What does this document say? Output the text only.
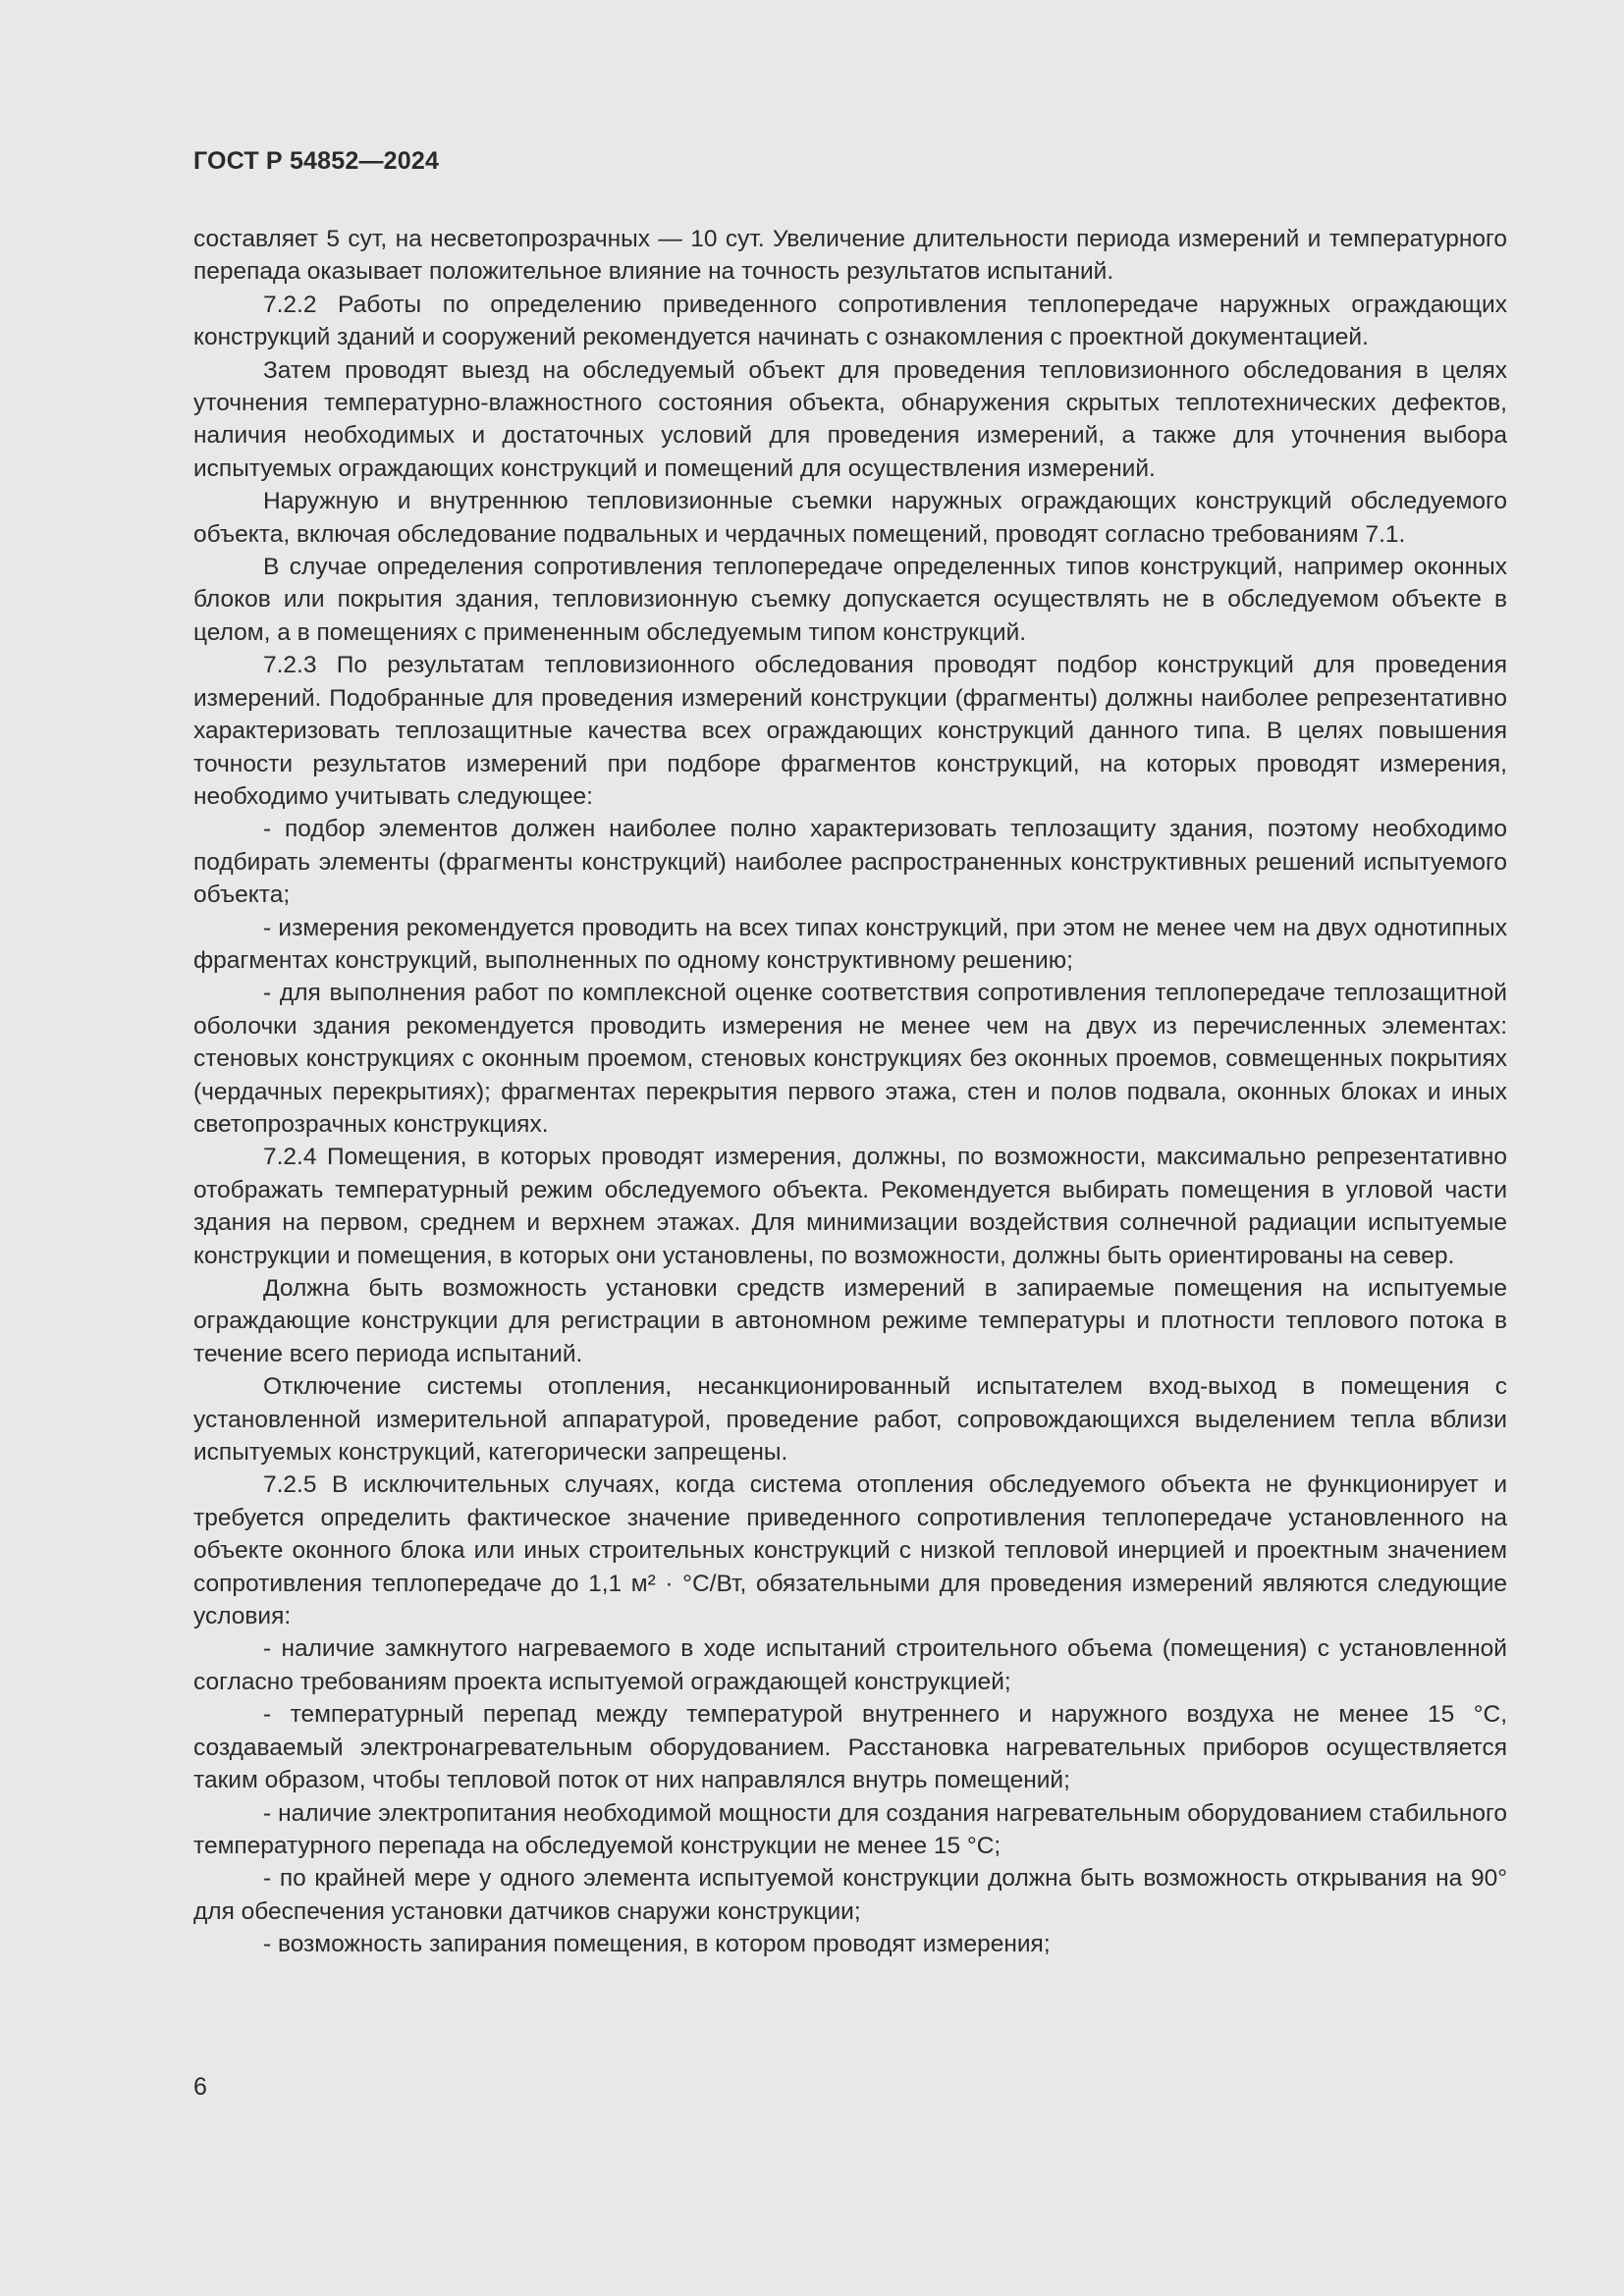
ГОСТ Р 54852—2024

составляет 5 сут, на несветопрозрачных — 10 сут. Увеличение длительности периода измерений и температурного перепада оказывает положительное влияние на точность результатов испытаний.

7.2.2 Работы по определению приведенного сопротивления теплопередаче наружных ограждающих конструкций зданий и сооружений рекомендуется начинать с ознакомления с проектной документацией.

Затем проводят выезд на обследуемый объект для проведения тепловизионного обследования в целях уточнения температурно-влажностного состояния объекта, обнаружения скрытых теплотехнических дефектов, наличия необходимых и достаточных условий для проведения измерений, а также для уточнения выбора испытуемых ограждающих конструкций и помещений для осуществления измерений.

Наружную и внутреннюю тепловизионные съемки наружных ограждающих конструкций обследуемого объекта, включая обследование подвальных и чердачных помещений, проводят согласно требованиям 7.1.

В случае определения сопротивления теплопередаче определенных типов конструкций, например оконных блоков или покрытия здания, тепловизионную съемку допускается осуществлять не в обследуемом объекте в целом, а в помещениях с примененным обследуемым типом конструкций.

7.2.3 По результатам тепловизионного обследования проводят подбор конструкций для проведения измерений. Подобранные для проведения измерений конструкции (фрагменты) должны наиболее репрезентативно характеризовать теплозащитные качества всех ограждающих конструкций данного типа. В целях повышения точности результатов измерений при подборе фрагментов конструкций, на которых проводят измерения, необходимо учитывать следующее:

- подбор элементов должен наиболее полно характеризовать теплозащиту здания, поэтому необходимо подбирать элементы (фрагменты конструкций) наиболее распространенных конструктивных решений испытуемого объекта;

- измерения рекомендуется проводить на всех типах конструкций, при этом не менее чем на двух однотипных фрагментах конструкций, выполненных по одному конструктивному решению;

- для выполнения работ по комплексной оценке соответствия сопротивления теплопередаче теплозащитной оболочки здания рекомендуется проводить измерения не менее чем на двух из перечисленных элементах: стеновых конструкциях с оконным проемом, стеновых конструкциях без оконных проемов, совмещенных покрытиях (чердачных перекрытиях); фрагментах перекрытия первого этажа, стен и полов подвала, оконных блоках и иных светопрозрачных конструкциях.

7.2.4 Помещения, в которых проводят измерения, должны, по возможности, максимально репрезентативно отображать температурный режим обследуемого объекта. Рекомендуется выбирать помещения в угловой части здания на первом, среднем и верхнем этажах. Для минимизации воздействия солнечной радиации испытуемые конструкции и помещения, в которых они установлены, по возможности, должны быть ориентированы на север.

Должна быть возможность установки средств измерений в запираемые помещения на испытуемые ограждающие конструкции для регистрации в автономном режиме температуры и плотности теплового потока в течение всего периода испытаний.

Отключение системы отопления, несанкционированный испытателем вход-выход в помещения с установленной измерительной аппаратурой, проведение работ, сопровождающихся выделением тепла вблизи испытуемых конструкций, категорически запрещены.

7.2.5 В исключительных случаях, когда система отопления обследуемого объекта не функционирует и требуется определить фактическое значение приведенного сопротивления теплопередаче установленного на объекте оконного блока или иных строительных конструкций с низкой тепловой инерцией и проектным значением сопротивления теплопередаче до 1,1 м² · °С/Вт, обязательными для проведения измерений являются следующие условия:

- наличие замкнутого нагреваемого в ходе испытаний строительного объема (помещения) с установленной согласно требованиям проекта испытуемой ограждающей конструкцией;

- температурный перепад между температурой внутреннего и наружного воздуха не менее 15 °С, создаваемый электронагревательным оборудованием. Расстановка нагревательных приборов осуществляется таким образом, чтобы тепловой поток от них направлялся внутрь помещений;

- наличие электропитания необходимой мощности для создания нагревательным оборудованием стабильного температурного перепада на обследуемой конструкции не менее 15 °С;

- по крайней мере у одного элемента испытуемой конструкции должна быть возможность открывания на 90° для обеспечения установки датчиков снаружи конструкции;

- возможность запирания помещения, в котором проводят измерения;

6
